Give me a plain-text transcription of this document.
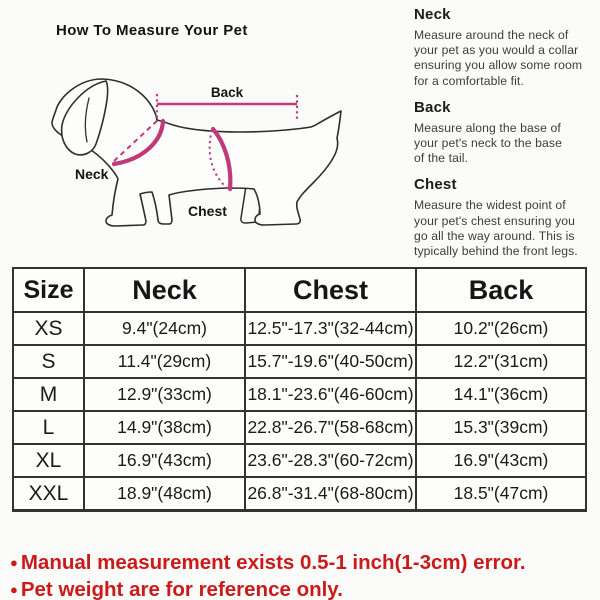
How To Measure Your Pet
Back
Neck
Chest
Neck
Measure around the neck of
your pet as you would a collar
ensuring you allow some room
for a comfortable fit.
Back
Measure along the base of
your pet's neck to the base
of the tail.
Chest
Measure the widest point of
your pet's chest ensuring you
go all the way around. This is
typically behind the front legs.
Size	Neck	Chest	Back
XS	9.4"(24cm)	12.5"-17.3"(32-44cm)	10.2"(26cm)
S	11.4"(29cm)	15.7"-19.6"(40-50cm)	12.2"(31cm)
M	12.9"(33cm)	18.1"-23.6"(46-60cm)	14.1"(36cm)
L	14.9"(38cm)	22.8"-26.7"(58-68cm)	15.3"(39cm)
XL	16.9"(43cm)	23.6"-28.3"(60-72cm)	16.9"(43cm)
XXL	18.9"(48cm)	26.8"-31.4"(68-80cm)	18.5"(47cm)
● Manual measurement exists 0.5-1 inch(1-3cm) error.
● Pet weight are for reference only.
